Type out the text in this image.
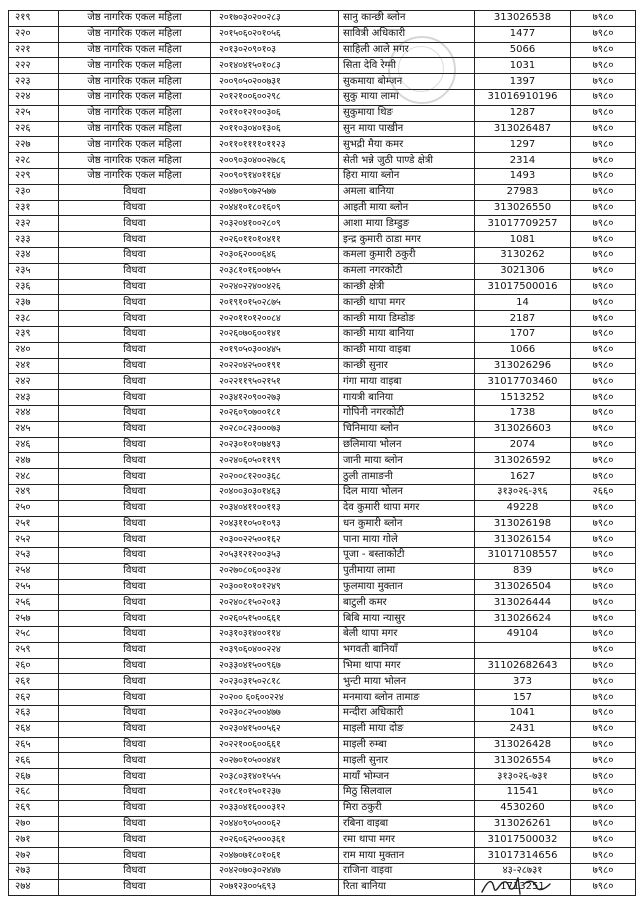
२१९	जेष्ठ नागरिक एकल महिला	२०१७०३०२००२८३	सानु कान्छी ब्लोन	313026538	७९८०
२२०	जेष्ठ नागरिक एकल महिला	२०१५०६०२०१०५६	सावित्री अधिकारी	1477	७९८०
२२१	जेष्ठ नागरिक एकल महिला	२०१३०२०९०१०३	साहिली आले मगर	5066	७९८०
२२२	जेष्ठ नागरिक एकल महिला	२०१४०४१५०१०८३	सिता देवि रेग्मी	1031	७९८०
२२३	जेष्ठ नागरिक एकल महिला	२००९०५०२००७३१	सुकमाया बोम्जन	1397	७९८०
२२४	जेष्ठ नागरिक एकल महिला	२०१२१००६००२९८	सुकु माया लामा	31016910196	७९८०
२२५	जेष्ठ नागरिक एकल महिला	२०११०१२१००३०६	सुकुमाया थिङ	1287	७९८०
२२६	जेष्ठ नागरिक एकल महिला	२०११०३०४०१३०६	सुन माया पाखीन	313026487	७९८०
२२७	जेष्ठ नागरिक एकल महिला	२०११०११११०११२३	सुभद्री मैया कमर	1297	७९८०
२२८	जेष्ठ नागरिक एकल महिला	२००९०३०४००२७८६	सेती भन्ने जुठी पाण्डे क्षेत्री	2314	७९८०
२२९	जेष्ठ नागरिक एकल महिला	२००९०९१४०११६४	हिरा माया ब्लोन	1493	७९८०
२३०	विधवा	२०४७०९०७२५७७	अमला बानिया	27983	७९८०
२३१	विधवा	२०४४१०१८०१६०९	आइती माया ब्लोन	313026550	७९८०
२३२	विधवा	२०३२०४१००२८०९	आशा माया डिम्डुङ	31017709257	७९८०
२३३	विधवा	२०२६०११०१०४११	इन्द्र कुमारी ठाडा मगर	1081	७९८०
२३४	विधवा	२०३०६२०००६४६	कमला कुमारी ठकुरी	3130262	७९८०
२३५	विधवा	२०३८१०१६००७५५	कमला नगरकोटी	3021306	७९८०
२३६	विधवा	२०२४०२२४००४२६	कान्छी क्षेत्री	31017500016	७९८०
२३७	विधवा	२०१९१०१५०२८७५	कान्छी थापा मगर	14	७९८०
२३८	विधवा	२०२०११०१२००८४	कान्छी माया डिम्डोङ	2187	७९८०
२३९	विधवा	२०२६०७०६००१४१	कान्छी माया बानिया	1707	७९८०
२४०	विधवा	२०१९०५०३००४४५	कान्छी माया वाइबा	1066	७९८०
२४१	विधवा	२०२२०४२५००१९१	कान्छी सुनार	313026296	७९८०
२४२	विधवा	२०२२११९५०२१५१	गंगा माया वाइबा	31017703460	७९८०
२४३	विधवा	२०३४१२०९००२७३	गायत्री बानिया	1513252	७९८०
२४४	विधवा	२०२६०९०७००१८१	गोपिनी नगरकोटी	1738	७९८०
२४५	विधवा	२०२८०८२३०००७३	चिनिमाया ब्लोन	313026603	७९८०
२४६	विधवा	२०२३०१०१०७४९३	छलिमाया भोलन	2074	७९८०
२४७	विधवा	२०२४०६०५०११९९	जानी माया ब्लोन	313026592	७९८०
२४८	विधवा	२०२००८१२००३६८	ठुली तामाङनी	1627	७९८०
२४९	विधवा	२०४००३०३०१४६३	दिल माया भोलन	३१३०२६-३९६	२६६०
२५०	विधवा	२०३४०४११००११३	देव कुमारी थापा मगर	49228	७९८०
२५१	विधवा	२०४३११०५०१०९३	धन कुमारी ब्लोन	313026198	७९८०
२५२	विधवा	२०३००२२५००१६२	पाना माया गोले	313026154	७९८०
२५३	विधवा	२०५३१२१२००३५३	पूजा - बस्ताकोटी	31017108557	७९८०
२५४	विधवा	२०२७०८०६००३२४	पुतीमाया लामा	839	७९८०
२५५	विधवा	२०३००१०१०१२४९	फुलमाया मुक्तान	313026504	७९८०
२५६	विधवा	२०२४०८१५०२०१३	बाटुली कमर	313026444	७९८०
२५७	विधवा	२०२६०५१५००६६१	बिबि माया न्यासुर	313026624	७९८०
२५८	विधवा	२०३१०३१४००११४	बेली थापा मगर	49104	७९८०
२५९	विधवा	२०३९०६०४००२२४	भगवती बानियाँ		७९८०
२६०	विधवा	२०३३०४१५००९६७	भिमा थापा मगर	31102682643	७९८०
२६१	विधवा	२०२३०३१५०२८१८	भुन्टी माया भोलन	373	७९८०
२६२	विधवा	२०२०० ६०६००२२४	मनमाया ब्लोन तामाङ	157	७९८०
२६३	विधवा	२०२३०८२५००४७७	मन्दीरा अधिकारी	1041	७९८०
२६४	विधवा	२०२३०४१५००५६२	माइली माया दोङ	2431	७९८०
२६५	विधवा	२०२२१००६००६६१	माइली रुम्बा	313026428	७९८०
२६६	विधवा	२०२७०१०५००४४१	माइली सुनार	313026554	७९८०
२६७	विधवा	२०३८०३१४०१५५५	मायाँ भोम्जन	३१३०२६-७३१	७९८०
२६८	विधवा	२०१८१०१५०१२३७	मिठु सिलवाल	11541	७९८०
२६९	विधवा	२०३३०४१६०००३१२	मिरा ठकुरी	4530260	७९८०
२७०	विधवा	२०४४०९०५०००६२	रबिना वाइबा	313026261	७९८०
२७१	विधवा	२०२६०६२५०००३६१	रमा थापा मगर	31017500032	७९८०
२७२	विधवा	२०४७०७१८०१०६१	राम माया मुक्तान	31017314656	७९८०
२७३	विधवा	२०४२०७०३०२४४७	राजिना वाइवा	४३-२८७३१	७९८०
२७४	विधवा	२०७१२३००५६९३	रिता बानिया	1713251	७९८०
